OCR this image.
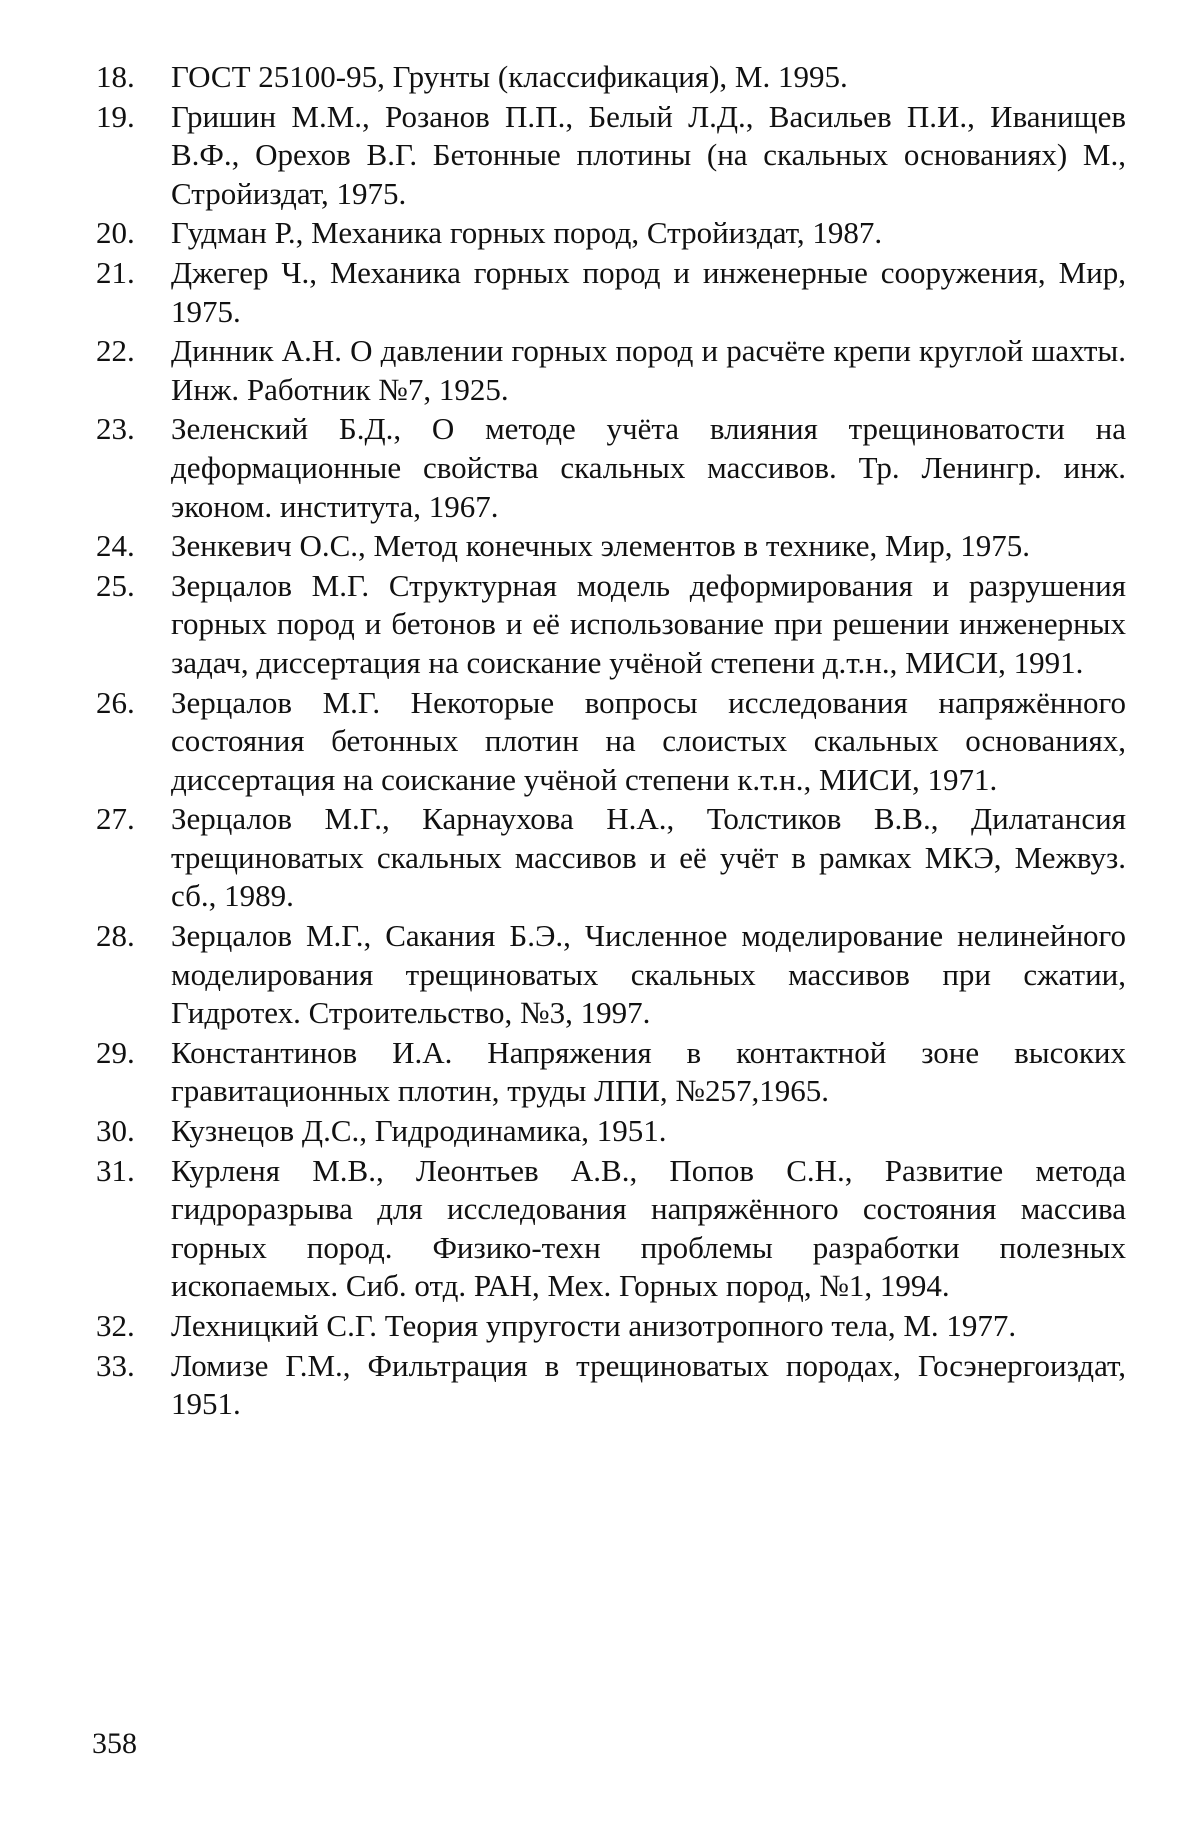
18.	ГОСТ 25100-95, Грунты (классификация), М. 1995.
19.	Гришин М.М., Розанов П.П., Белый Л.Д., Васильев П.И., Иванищев В.Ф., Орехов В.Г. Бетонные плотины (на скальных основаниях) М., Стройиздат, 1975.
20.	Гудман Р., Механика горных пород, Стройиздат, 1987.
21.	Джегер Ч., Механика горных пород и инженерные сооружения, Мир, 1975.
22.	Динник А.Н. О давлении горных пород и расчёте крепи круглой шахты. Инж. Работник №7, 1925.
23.	Зеленский Б.Д., О методе учёта влияния трещиноватости на деформационные свойства скальных массивов. Тр. Ленингр. инж. эконом. института, 1967.
24.	Зенкевич О.С., Метод конечных элементов в технике, Мир, 1975.
25.	Зерцалов М.Г. Структурная модель деформирования и разрушения горных пород и бетонов и её использование при решении инженерных задач, диссертация на соискание учёной степени д.т.н., МИСИ, 1991.
26.	Зерцалов М.Г. Некоторые вопросы исследования напряжённого состояния бетонных плотин на слоистых скальных основаниях, диссертация на соискание учёной степени к.т.н., МИСИ, 1971.
27.	Зерцалов М.Г., Карнаухова Н.А., Толстиков В.В., Дилатансия трещиноватых скальных массивов и её учёт в рамках МКЭ, Межвуз. сб., 1989.
28.	Зерцалов М.Г., Сакания Б.Э., Численное моделирование нелинейного моделирования трещиноватых скальных массивов при сжатии, Гидротех. Строительство, №3, 1997.
29.	Константинов И.А. Напряжения в контактной зоне высоких гравитационных плотин, труды ЛПИ, №257,1965.
30.	Кузнецов Д.С., Гидродинамика, 1951.
31.	Курленя М.В., Леонтьев А.В., Попов С.Н., Развитие метода гидроразрыва для исследования напряжённого состояния массива горных пород. Физико-техн проблемы разработки полезных ископаемых. Сиб. отд. РАН, Мех. Горных пород, №1, 1994.
32.	Лехницкий С.Г. Теория упругости анизотропного тела, М. 1977.
33.	Ломизе Г.М., Фильтрация в трещиноватых породах, Госэнергоиздат, 1951.
358
